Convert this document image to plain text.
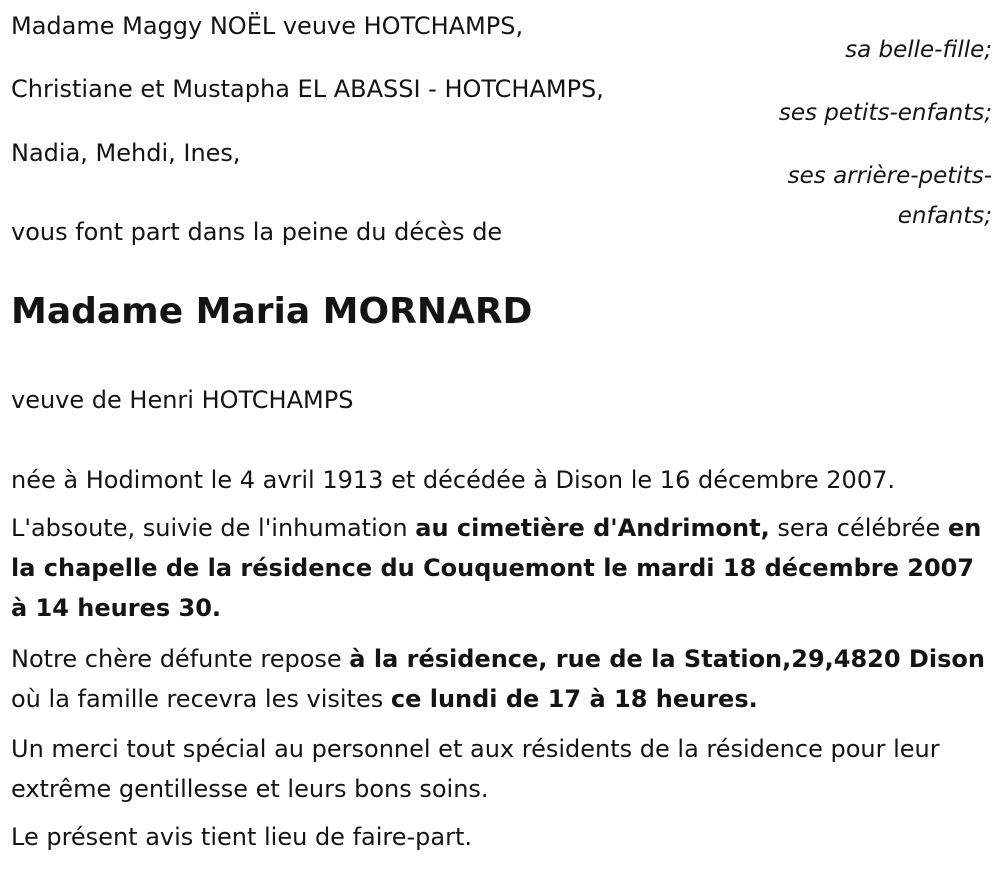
Madame Maggy NOËL veuve HOTCHAMPS,
sa belle-fille;
Christiane et Mustapha EL ABASSI - HOTCHAMPS,
ses petits-enfants;
Nadia, Mehdi, Ines,
ses arrière-petits-enfants;
vous font part dans la peine du décès de
Madame Maria MORNARD
veuve de Henri HOTCHAMPS
née à Hodimont le 4 avril 1913 et décédée à Dison le 16 décembre 2007.
L'absoute, suivie de l'inhumation au cimetière d'Andrimont, sera célébrée en la chapelle de la résidence du Couquemont le mardi 18 décembre 2007 à 14 heures 30.
Notre chère défunte repose à la résidence, rue de la Station,29,4820 Dison où la famille recevra les visites ce lundi de 17 à 18 heures.
Un merci tout spécial au personnel et aux résidents de la résidence pour leur extrême gentillesse et leurs bons soins.
Le présent avis tient lieu de faire-part.
